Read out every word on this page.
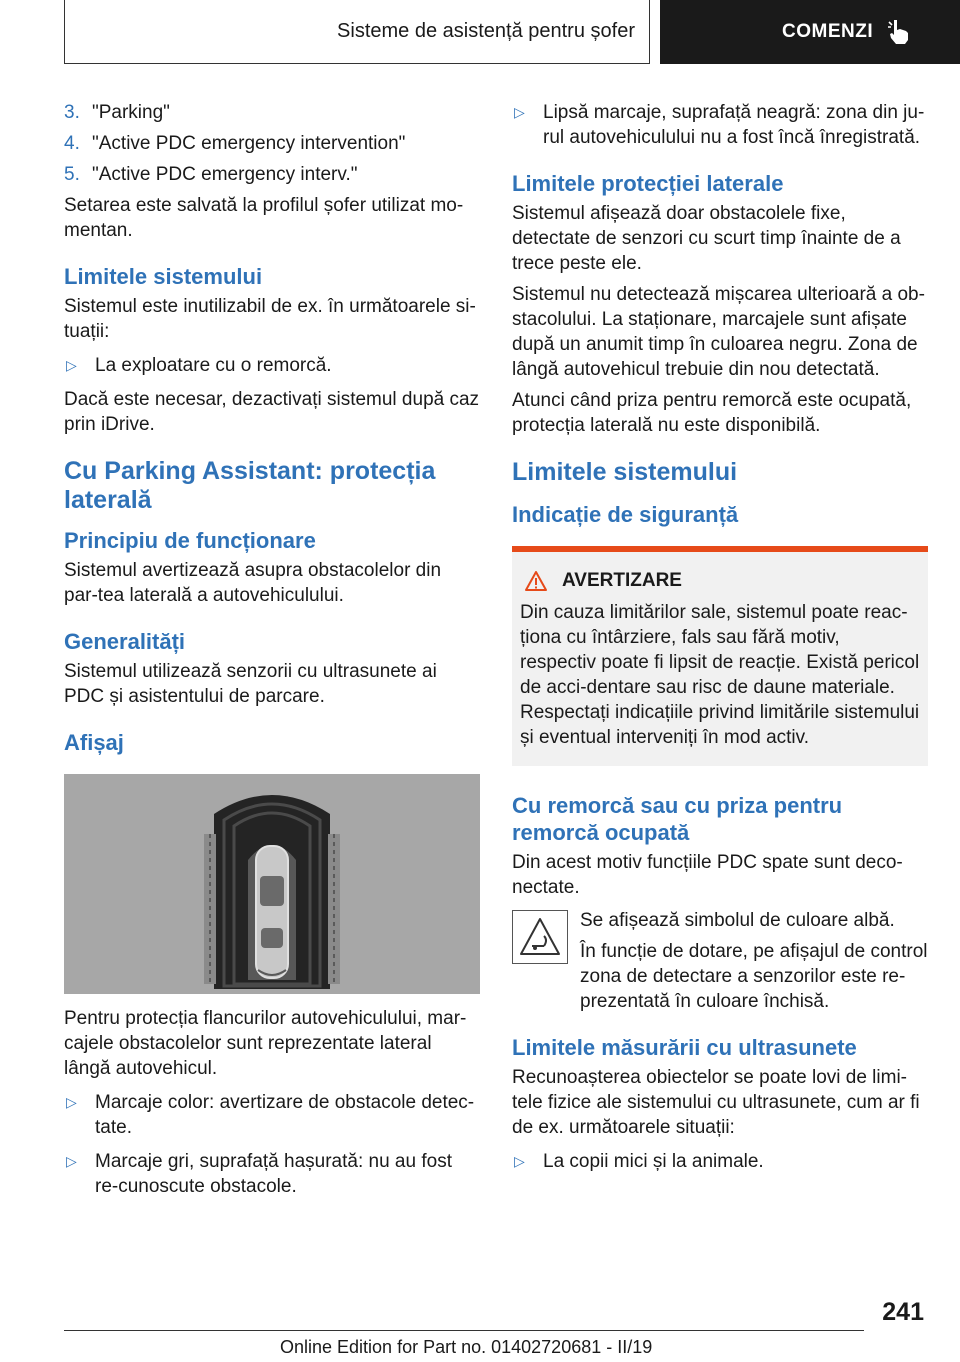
Sisteme de asistență pentru șofer	COMENZI
3. "Parking"
4. "Active PDC emergency intervention"
5. "Active PDC emergency interv."

Setarea este salvată la profilul șofer utilizat mo-mentan.

Limitele sistemului

Sistemul este inutilizabil de ex. în următoarele si-tuații:

▷ La exploatare cu o remorcă.

Dacă este necesar, dezactivați sistemul după caz prin iDrive.

Cu Parking Assistant: protecția laterală
Principiu de funcționare

Sistemul avertizează asupra obstacolelor din par-tea laterală a autovehiculului.

Generalități

Sistemul utilizează senzorii cu ultrasunete ai PDC și asistentului de parcare.

Afișaj

Pentru protecția flancurilor autovehiculului, mar-cajele obstacolelor sunt reprezentate lateral lângă autovehicul.

▷ Marcaje color: avertizare de obstacole detec-tate.
▷ Marcaje gri, suprafață hașurată: nu au fost re-cunoscute obstacole.
▷ Lipsă marcaje, suprafață neagră: zona din ju-rul autovehiculului nu a fost încă înregistrată.
Limitele protecției laterale

Sistemul afișează doar obstacolele fixe, detectate de senzori cu scurt timp înainte de a trece peste ele.

Sistemul nu detectează mișcarea ulterioară a ob-stacolului. La staționare, marcajele sunt afișate după un anumit timp în culoarea negru. Zona de lângă autovehicul trebuie din nou detectată.

Atunci când priza pentru remorcă este ocupată, protecția laterală nu este disponibilă.

Limitele sistemului
Indicație de siguranță
AVERTIZARE

Din cauza limitărilor sale, sistemul poate reac-ționa cu întârziere, fals sau fără motiv, respectiv poate fi lipsit de reacție. Există pericol de acci-dentare sau risc de daune materiale. Respectați indicațiile privind limitările sistemului și eventual interveniți în mod activ.

Cu remorcă sau cu priza pentru remorcă ocupată

Din acest motiv funcțiile PDC spate sunt deco-nectate.

Se afișează simbolul de culoare albă.

În funcție de dotare, pe afișajul de control zona de detectare a senzorilor este re-prezentată în culoare închisă.

Limitele măsurării cu ultrasunete

Recunoașterea obiectelor se poate lovi de limi-tele fizice ale sistemului cu ultrasunete, cum ar fi de ex. următoarele situații:

▷ La copii mici și la animale.
241
Online Edition for Part no. 01402720681 - II/19
